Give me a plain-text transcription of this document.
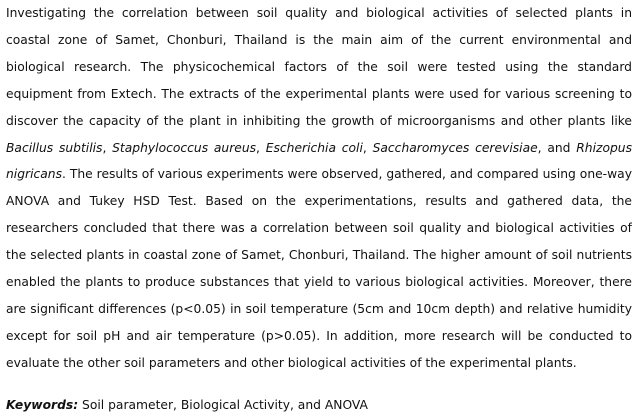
Investigating the correlation between soil quality and biological activities of selected plants in coastal zone of Samet, Chonburi, Thailand is the main aim of the current environmental and biological research. The physicochemical factors of the soil were tested using the standard equipment from Extech. The extracts of the experimental plants were used for various screening to discover the capacity of the plant in inhibiting the growth of microorganisms and other plants like Bacillus subtilis, Staphylococcus aureus, Escherichia coli, Saccharomyces cerevisiae, and Rhizopus nigricans. The results of various experiments were observed, gathered, and compared using one-way ANOVA and Tukey HSD Test. Based on the experimentations, results and gathered data, the researchers concluded that there was a correlation between soil quality and biological activities of the selected plants in coastal zone of Samet, Chonburi, Thailand. The higher amount of soil nutrients enabled the plants to produce substances that yield to various biological activities. Moreover, there are significant differences (p<0.05) in soil temperature (5cm and 10cm depth) and relative humidity except for soil pH and air temperature (p>0.05). In addition, more research will be conducted to evaluate the other soil parameters and other biological activities of the experimental plants.

Keywords: Soil parameter, Biological Activity, and ANOVA
